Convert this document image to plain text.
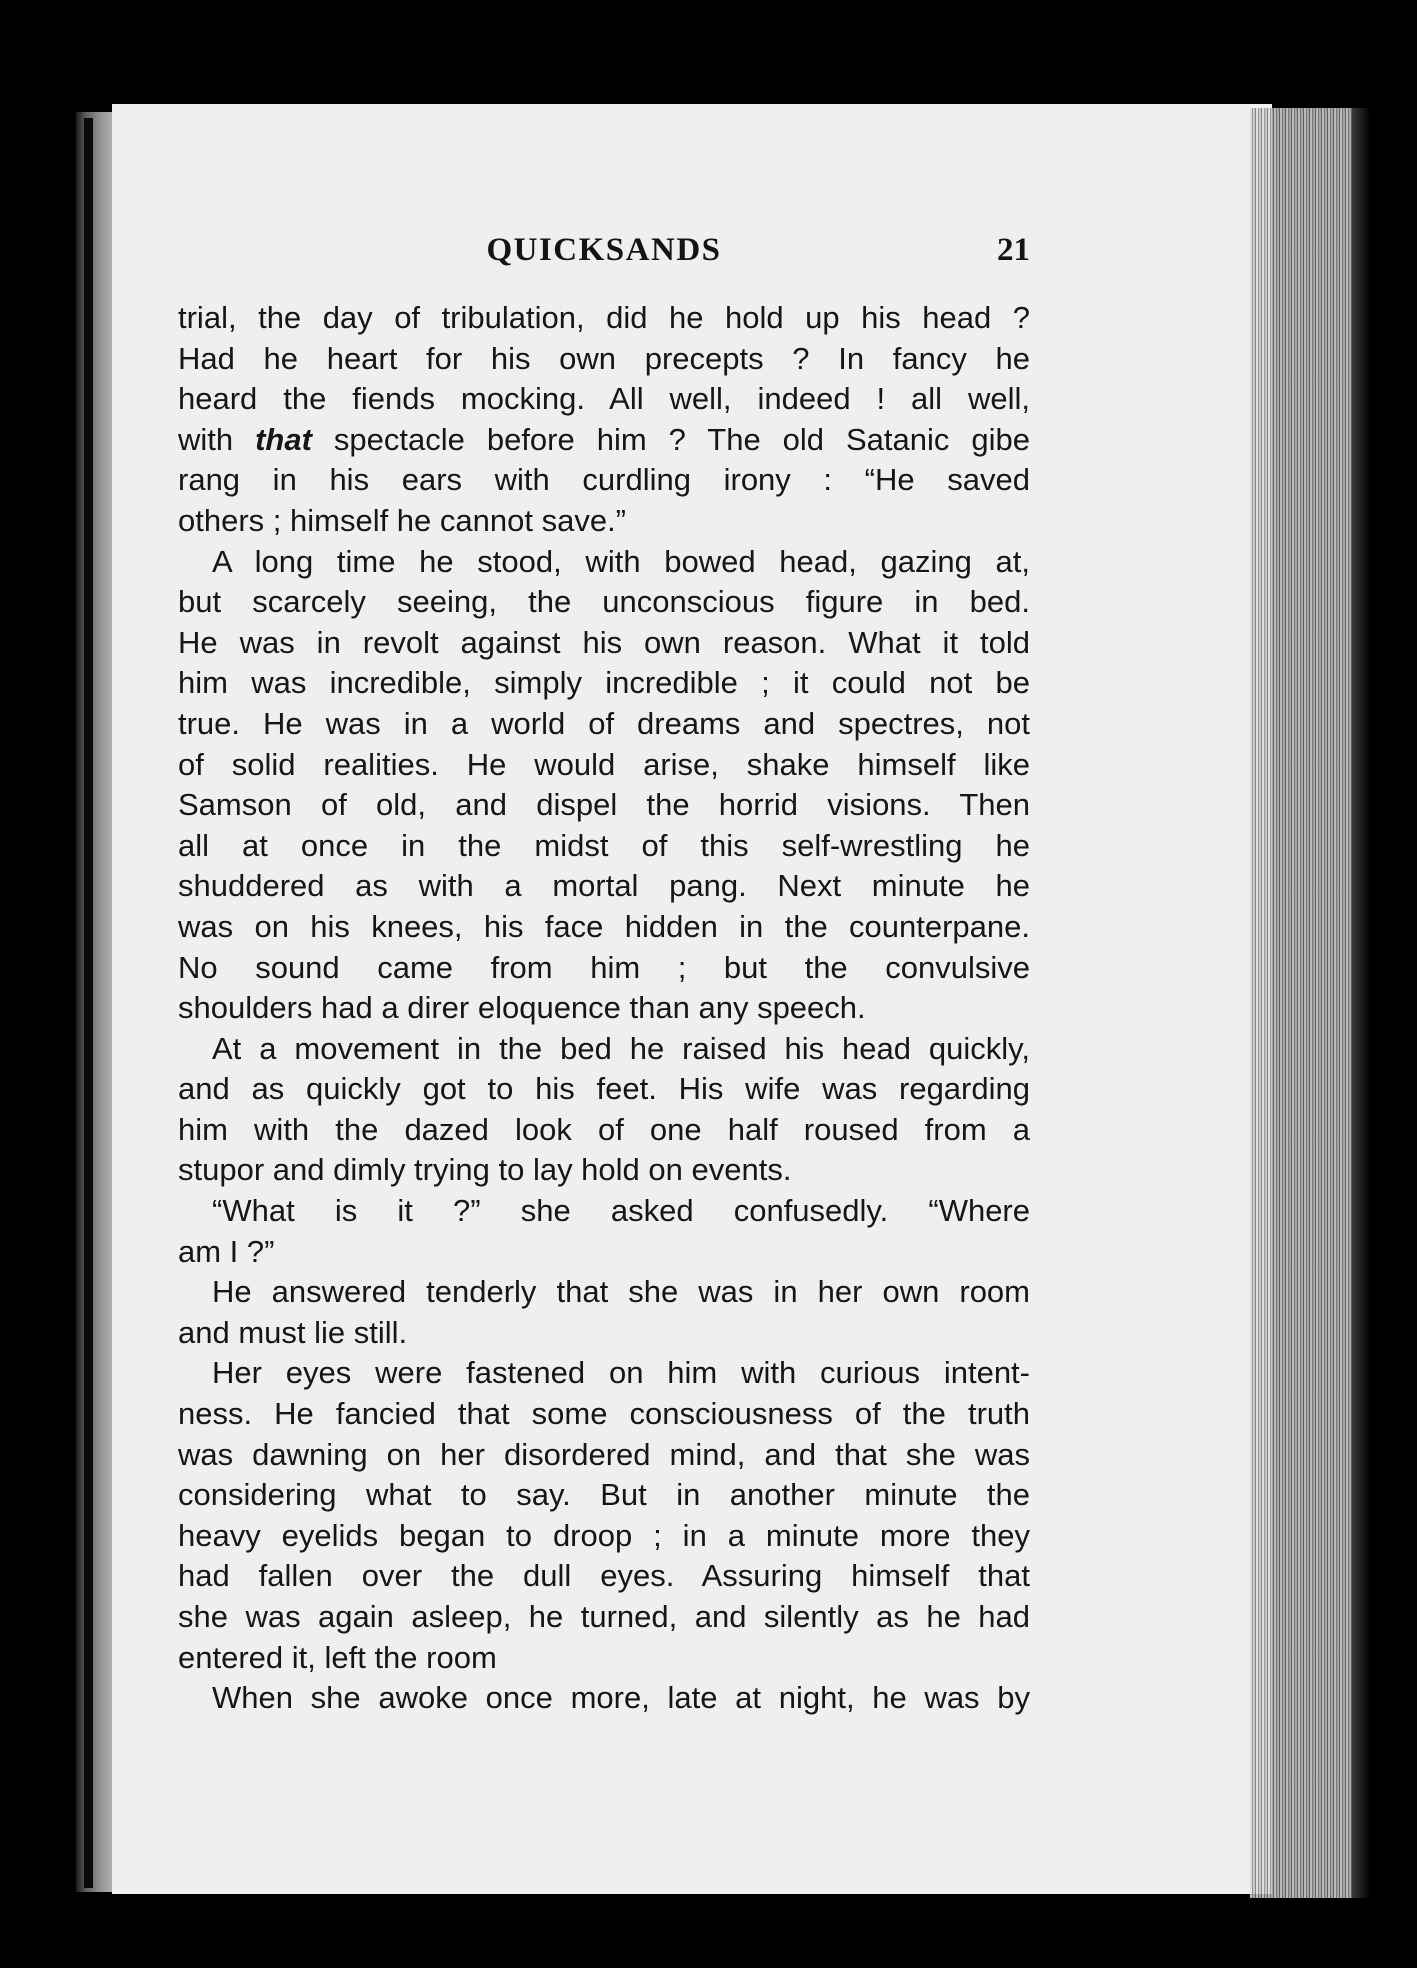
QUICKSANDS	21
trial, the day of tribulation, did he hold up his head ?
Had he heart for his own precepts ? In fancy he
heard the fiends mocking. All well, indeed ! all well,
with that spectacle before him ? The old Satanic gibe
rang in his ears with curdling irony : “He saved
others ; himself he cannot save.”
A long time he stood, with bowed head, gazing at,
but scarcely seeing, the unconscious figure in bed.
He was in revolt against his own reason. What it told
him was incredible, simply incredible ; it could not be
true. He was in a world of dreams and spectres, not
of solid realities. He would arise, shake himself like
Samson of old, and dispel the horrid visions. Then
all at once in the midst of this self-wrestling he
shuddered as with a mortal pang. Next minute he
was on his knees, his face hidden in the counterpane.
No sound came from him ; but the convulsive
shoulders had a direr eloquence than any speech.
At a movement in the bed he raised his head quickly,
and as quickly got to his feet. His wife was regarding
him with the dazed look of one half roused from a
stupor and dimly trying to lay hold on events.
“What is it ?” she asked confusedly. “Where
am I ?”
He answered tenderly that she was in her own room
and must lie still.
Her eyes were fastened on him with curious intent-
ness. He fancied that some consciousness of the truth
was dawning on her disordered mind, and that she was
considering what to say. But in another minute the
heavy eyelids began to droop ; in a minute more they
had fallen over the dull eyes. Assuring himself that
she was again asleep, he turned, and silently as he had
entered it, left the room
When she awoke once more, late at night, he was by
